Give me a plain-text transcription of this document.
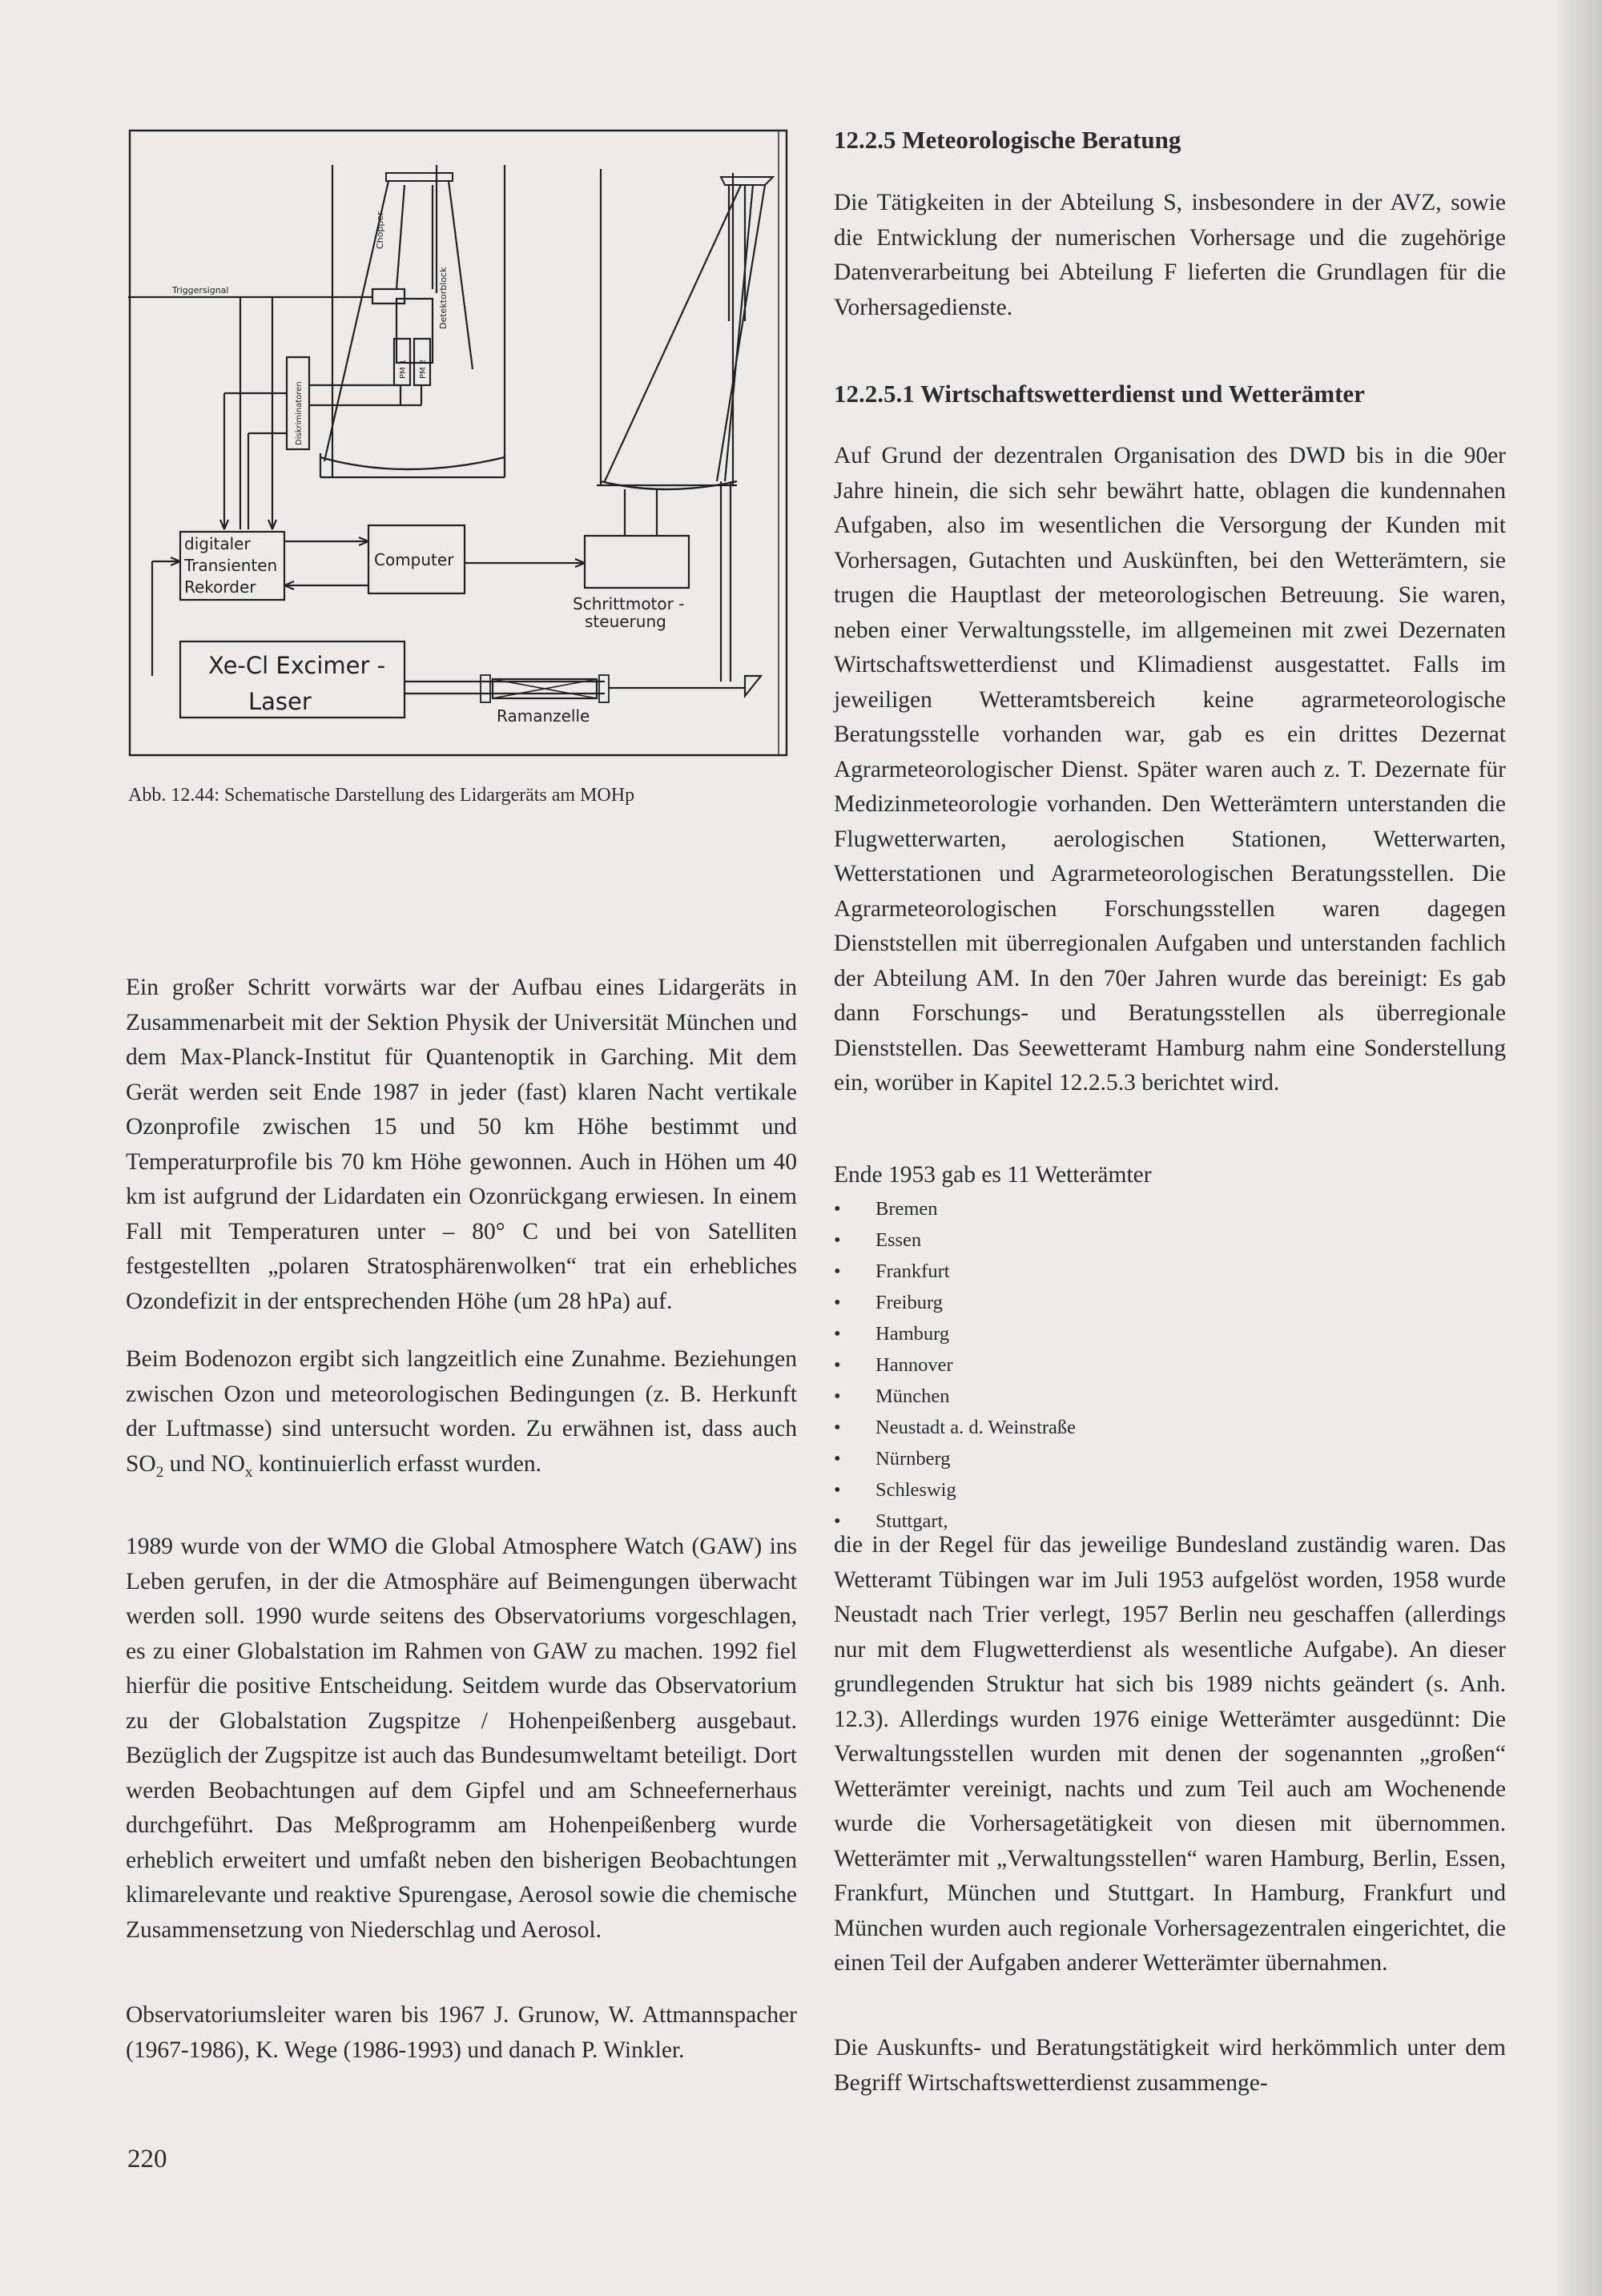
Triggersignal
Chopper
Detektorblock
PM 1 PM 2
Diskriminatoren
digitaler
Transienten
Rekorder
Computer
Schrittmotor -
steuerung
Xe-Cl Excimer -
Laser
Ramanzelle
Abb. 12.44: Schematische Darstellung des Lidargeräts am MOHp

Ein großer Schritt vorwärts war der Aufbau eines Lidargeräts in Zusammenarbeit mit der Sektion Physik der Universität München und dem Max-Planck-Institut für Quantenoptik in Garching. Mit dem Gerät werden seit Ende 1987 in jeder (fast) klaren Nacht vertikale Ozonprofile zwischen 15 und 50 km Höhe bestimmt und Temperaturprofile bis 70 km Höhe gewonnen. Auch in Höhen um 40 km ist aufgrund der Lidardaten ein Ozonrückgang erwiesen. In einem Fall mit Temperaturen unter – 80° C und bei von Satelliten festgestellten „polaren Stratosphärenwolken“ trat ein erhebliches Ozondefizit in der entsprechenden Höhe (um 28 hPa) auf.

Beim Bodenozon ergibt sich langzeitlich eine Zunahme. Beziehungen zwischen Ozon und meteorologischen Bedingungen (z. B. Herkunft der Luftmasse) sind untersucht worden. Zu erwähnen ist, dass auch $SO_2$ und $NO_x$ kontinuierlich erfasst wurden.

1989 wurde von der WMO die Global Atmosphere Watch (GAW) ins Leben gerufen, in der die Atmosphäre auf Beimengungen überwacht werden soll. 1990 wurde seitens des Observatoriums vorgeschlagen, es zu einer Globalstation im Rahmen von GAW zu machen. 1992 fiel hierfür die positive Entscheidung. Seitdem wurde das Observatorium zu der Globalstation Zugspitze / Hohenpeißenberg ausgebaut. Bezüglich der Zugspitze ist auch das Bundesumweltamt beteiligt. Dort werden Beobachtungen auf dem Gipfel und am Schneefernerhaus durchgeführt. Das Meßprogramm am Hohenpeißenberg wurde erheblich erweitert und umfaßt neben den bisherigen Beobachtungen klimarelevante und reaktive Spurengase, Aerosol sowie die chemische Zusammensetzung von Niederschlag und Aerosol.

Observatoriumsleiter waren bis 1967 J. Grunow, W. Attmannspacher (1967-1986), K. Wege (1986-1993) und danach P. Winkler.

12.2.5 Meteorologische Beratung

Die Tätigkeiten in der Abteilung S, insbesondere in der AVZ, sowie die Entwicklung der numerischen Vorhersage und die zugehörige Datenverarbeitung bei Abteilung F lieferten die Grundlagen für die Vorhersagedienste.

12.2.5.1 Wirtschaftswetterdienst und Wetterämter

Auf Grund der dezentralen Organisation des DWD bis in die 90er Jahre hinein, die sich sehr bewährt hatte, oblagen die kundennahen Aufgaben, also im wesentlichen die Versorgung der Kunden mit Vorhersagen, Gutachten und Auskünften, bei den Wetterämtern, sie trugen die Hauptlast der meteorologischen Betreuung. Sie waren, neben einer Verwaltungsstelle, im allgemeinen mit zwei Dezernaten Wirtschaftswetterdienst und Klimadienst ausgestattet. Falls im jeweiligen Wetteramtsbereich keine agrarmeteorologische Beratungsstelle vorhanden war, gab es ein drittes Dezernat Agrarmeteorologischer Dienst. Später waren auch z. T. Dezernate für Medizinmeteorologie vorhanden. Den Wetterämtern unterstanden die Flugwetterwarten, aerologischen Stationen, Wetterwarten, Wetterstationen und Agrarmeteorologischen Beratungsstellen. Die Agrarmeteorologischen Forschungsstellen waren dagegen Dienststellen mit überregionalen Aufgaben und unterstanden fachlich der Abteilung AM. In den 70er Jahren wurde das bereinigt: Es gab dann Forschungs- und Beratungsstellen als überregionale Dienststellen. Das Seewetteramt Hamburg nahm eine Sonderstellung ein, worüber in Kapitel 12.2.5.3 berichtet wird.

Ende 1953 gab es 11 Wetterämter

• Bremen
• Essen
• Frankfurt
• Freiburg
• Hamburg
• Hannover
• München
• Neustadt a. d. Weinstraße
• Nürnberg
• Schleswig
• Stuttgart,

die in der Regel für das jeweilige Bundesland zuständig waren. Das Wetteramt Tübingen war im Juli 1953 aufgelöst worden, 1958 wurde Neustadt nach Trier verlegt, 1957 Berlin neu geschaffen (allerdings nur mit dem Flugwetterdienst als wesentliche Aufgabe). An dieser grundlegenden Struktur hat sich bis 1989 nichts geändert (s. Anh. 12.3). Allerdings wurden 1976 einige Wetterämter ausgedünnt: Die Verwaltungsstellen wurden mit denen der sogenannten „großen“ Wetterämter vereinigt, nachts und zum Teil auch am Wochenende wurde die Vorhersagetätigkeit von diesen mit übernommen. Wetterämter mit „Verwaltungsstellen“ waren Hamburg, Berlin, Essen, Frankfurt, München und Stuttgart. In Hamburg, Frankfurt und München wurden auch regionale Vorhersagezentralen eingerichtet, die einen Teil der Aufgaben anderer Wetterämter übernahmen.

Die Auskunfts- und Beratungstätigkeit wird herkömmlich unter dem Begriff Wirtschaftswetterdienst zusammenge-

220
